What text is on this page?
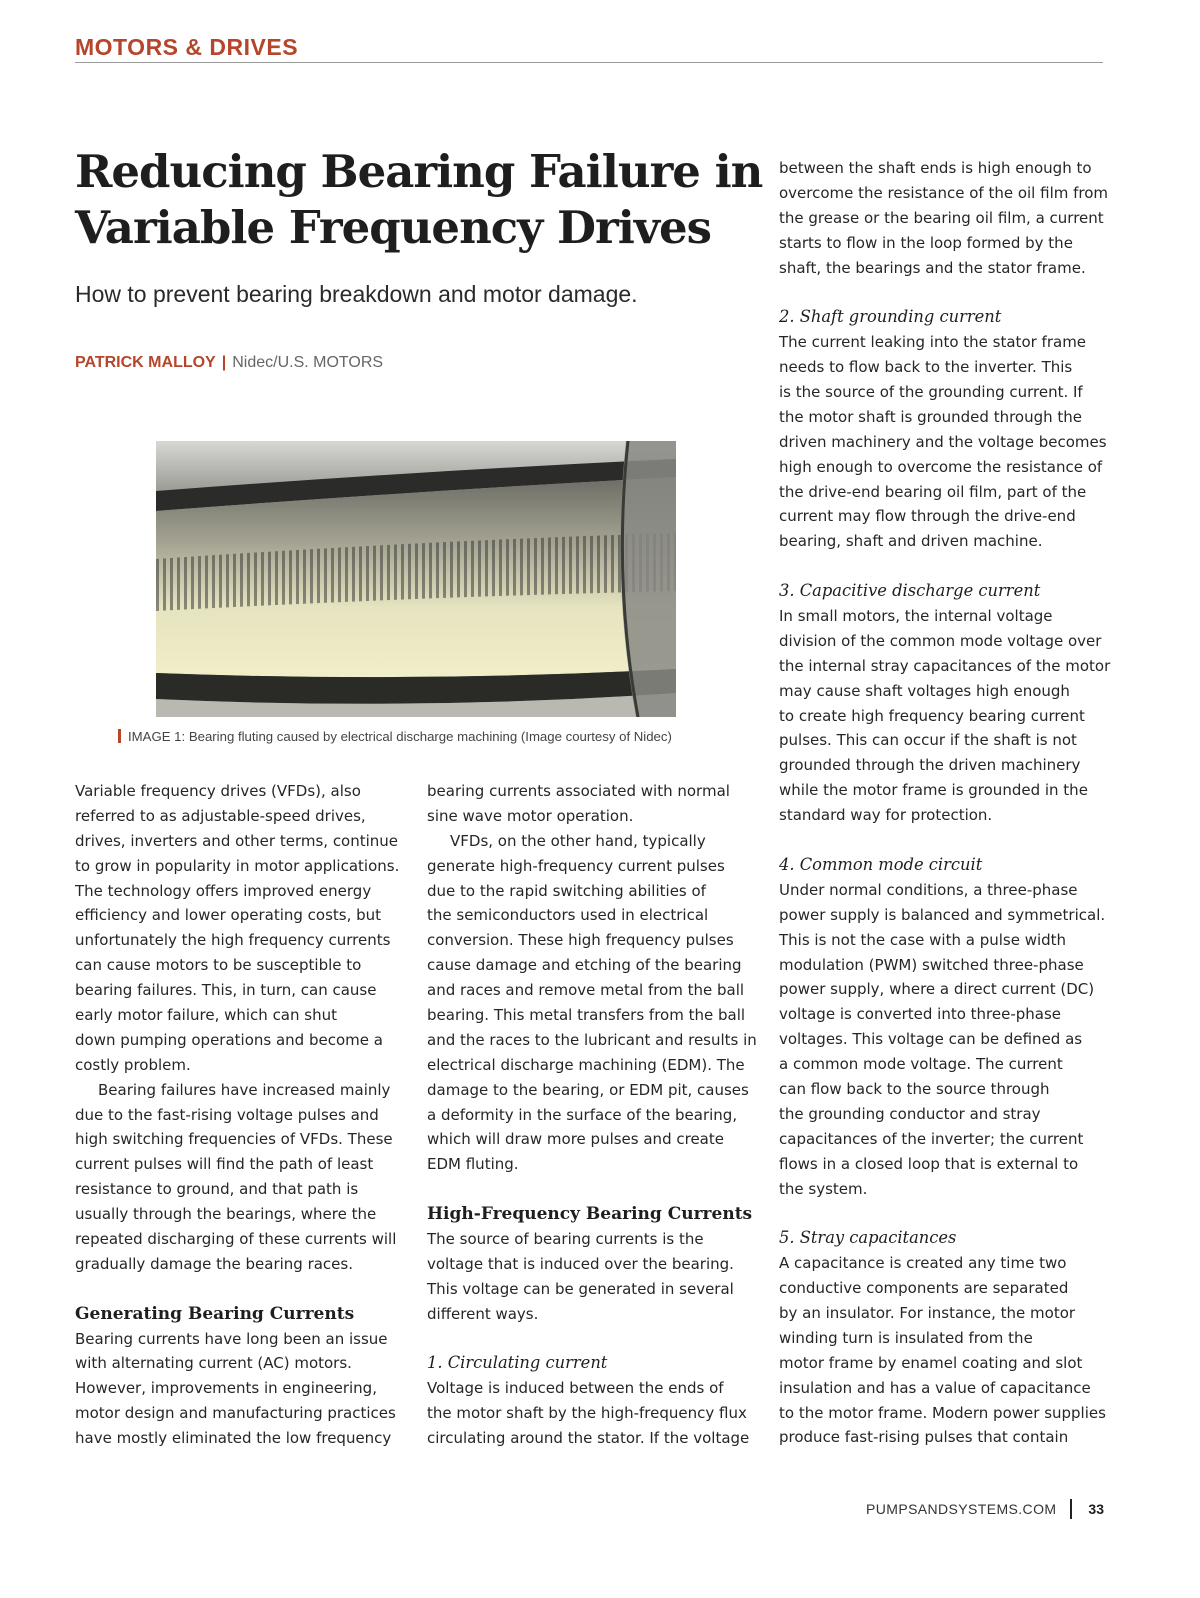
MOTORS & DRIVES
Reducing Bearing Failure in
Variable Frequency Drives
How to prevent bearing breakdown and motor damage.
PATRICK MALLOY | Nidec/U.S. MOTORS
IMAGE 1: Bearing fluting caused by electrical discharge machining (Image courtesy of Nidec)
Variable frequency drives (VFDs), also
referred to as adjustable-speed drives,
drives, inverters and other terms, continue
to grow in popularity in motor applications.
The technology offers improved energy
efficiency and lower operating costs, but
unfortunately the high frequency currents
can cause motors to be susceptible to
bearing failures. This, in turn, can cause
early motor failure, which can shut
down pumping operations and become a
costly problem.
Bearing failures have increased mainly
due to the fast-rising voltage pulses and
high switching frequencies of VFDs. These
current pulses will find the path of least
resistance to ground, and that path is
usually through the bearings, where the
repeated discharging of these currents will
gradually damage the bearing races.
Generating Bearing Currents
Bearing currents have long been an issue
with alternating current (AC) motors.
However, improvements in engineering,
motor design and manufacturing practices
have mostly eliminated the low frequency
bearing currents associated with normal
sine wave motor operation.
VFDs, on the other hand, typically
generate high-frequency current pulses
due to the rapid switching abilities of
the semiconductors used in electrical
conversion. These high frequency pulses
cause damage and etching of the bearing
and races and remove metal from the ball
bearing. This metal transfers from the ball
and the races to the lubricant and results in
electrical discharge machining (EDM). The
damage to the bearing, or EDM pit, causes
a deformity in the surface of the bearing,
which will draw more pulses and create
EDM fluting.
High-Frequency Bearing Currents
The source of bearing currents is the
voltage that is induced over the bearing.
This voltage can be generated in several
different ways.
1. Circulating current
Voltage is induced between the ends of
the motor shaft by the high-frequency flux
circulating around the stator. If the voltage
between the shaft ends is high enough to
overcome the resistance of the oil film from
the grease or the bearing oil film, a current
starts to flow in the loop formed by the
shaft, the bearings and the stator frame.
2. Shaft grounding current
The current leaking into the stator frame
needs to flow back to the inverter. This
is the source of the grounding current. If
the motor shaft is grounded through the
driven machinery and the voltage becomes
high enough to overcome the resistance of
the drive-end bearing oil film, part of the
current may flow through the drive-end
bearing, shaft and driven machine.
3. Capacitive discharge current
In small motors, the internal voltage
division of the common mode voltage over
the internal stray capacitances of the motor
may cause shaft voltages high enough
to create high frequency bearing current
pulses. This can occur if the shaft is not
grounded through the driven machinery
while the motor frame is grounded in the
standard way for protection.
4. Common mode circuit
Under normal conditions, a three-phase
power supply is balanced and symmetrical.
This is not the case with a pulse width
modulation (PWM) switched three-phase
power supply, where a direct current (DC)
voltage is converted into three-phase
voltages. This voltage can be defined as
a common mode voltage. The current
can flow back to the source through
the grounding conductor and stray
capacitances of the inverter; the current
flows in a closed loop that is external to
the system.
5. Stray capacitances
A capacitance is created any time two
conductive components are separated
by an insulator. For instance, the motor
winding turn is insulated from the
motor frame by enamel coating and slot
insulation and has a value of capacitance
to the motor frame. Modern power supplies
produce fast-rising pulses that contain
PUMPSANDSYSTEMS.COM 33
